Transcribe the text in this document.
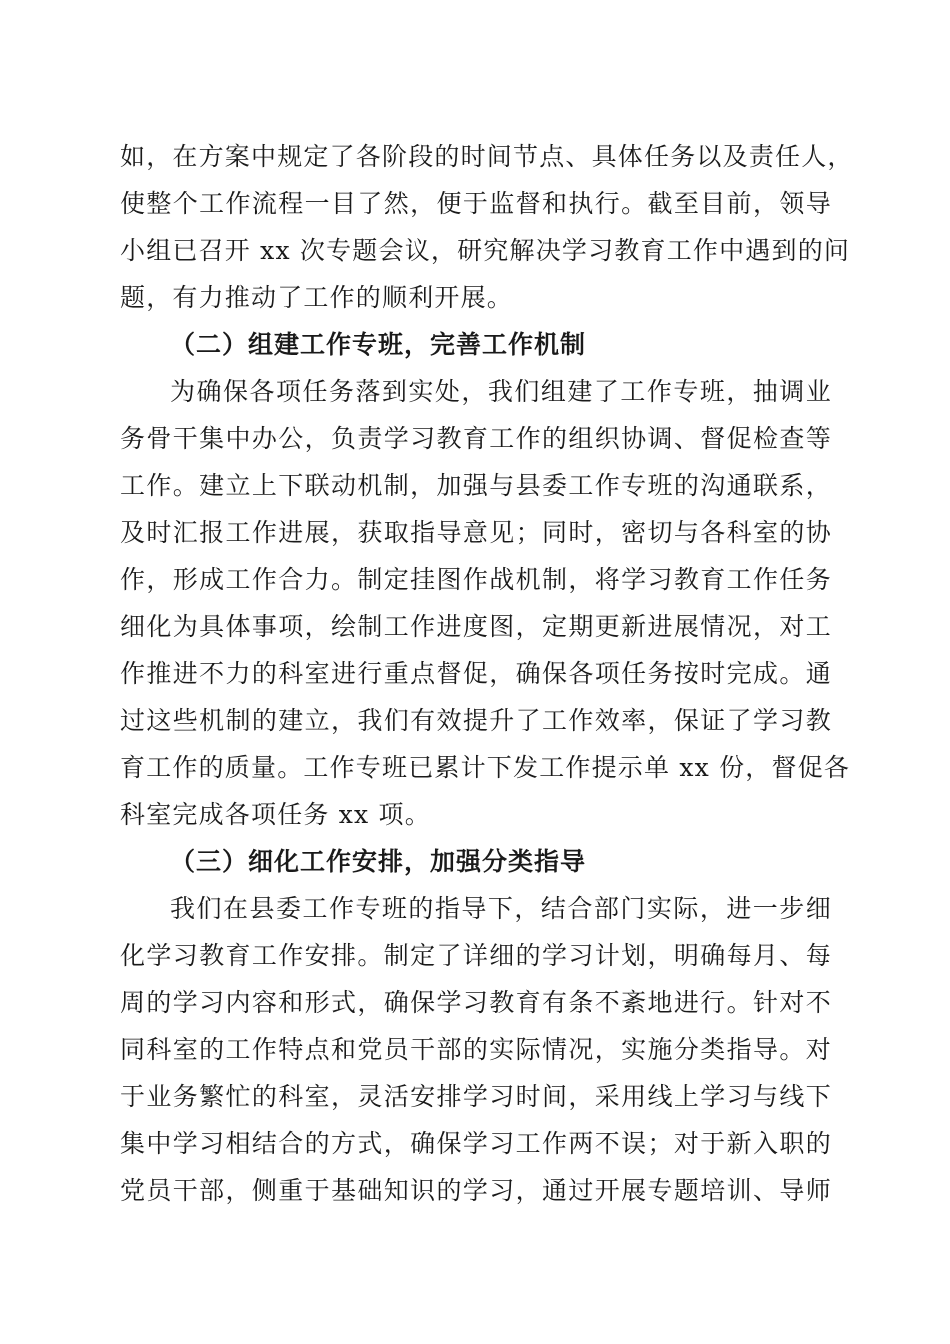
如，在方案中规定了各阶段的时间节点、具体任务以及责任人，
使整个工作流程一目了然，便于监督和执行。截至目前，领导
小组已召开 xx 次专题会议，研究解决学习教育工作中遇到的问
题，有力推动了工作的顺利开展。
（二）组建工作专班，完善工作机制
为确保各项任务落到实处，我们组建了工作专班，抽调业
务骨干集中办公，负责学习教育工作的组织协调、督促检查等
工作。建立上下联动机制，加强与县委工作专班的沟通联系，
及时汇报工作进展，获取指导意见；同时，密切与各科室的协
作，形成工作合力。制定挂图作战机制，将学习教育工作任务
细化为具体事项，绘制工作进度图，定期更新进展情况，对工
作推进不力的科室进行重点督促，确保各项任务按时完成。通
过这些机制的建立，我们有效提升了工作效率，保证了学习教
育工作的质量。工作专班已累计下发工作提示单 xx 份，督促各
科室完成各项任务 xx 项。
（三）细化工作安排，加强分类指导
我们在县委工作专班的指导下，结合部门实际，进一步细
化学习教育工作安排。制定了详细的学习计划，明确每月、每
周的学习内容和形式，确保学习教育有条不紊地进行。针对不
同科室的工作特点和党员干部的实际情况，实施分类指导。对
于业务繁忙的科室，灵活安排学习时间，采用线上学习与线下
集中学习相结合的方式，确保学习工作两不误；对于新入职的
党员干部，侧重于基础知识的学习，通过开展专题培训、导师
